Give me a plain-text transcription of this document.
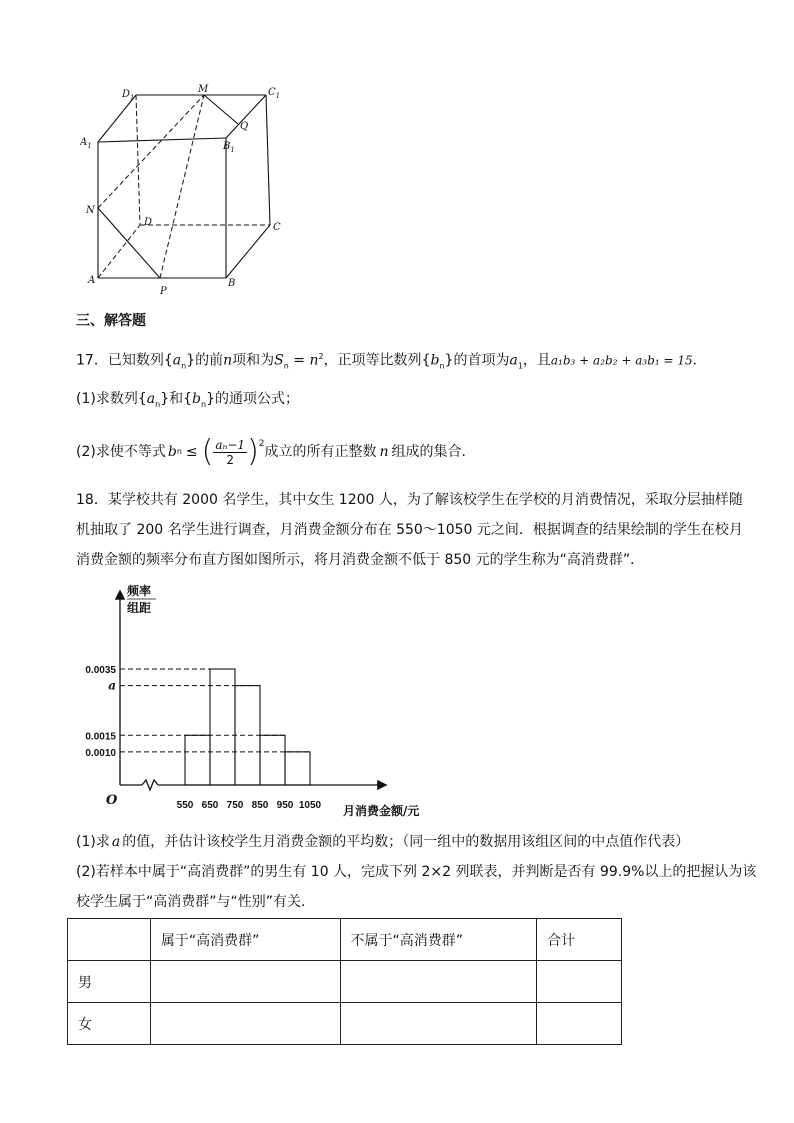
$D_1$
M	$C_1$
$A_1$	$B_1$
Q
N
D	C
A	B
P
三、解答题
17．已知数列$\{a_n\}$的前n项和为$S_n = n^2$，正项等比数列$\{b_n\}$的首项为$a_1$，且a₁b₃ + a₂b₂ + a₃b₁ = 15．
(1)求数列$\{a_n\}$和$\{b_n\}$的通项公式；
(2)求使不等式 b n ≤ ( aₙ−1
2 )$^2$ 成立的所有正整数 n 组成的集合．
18．某学校共有 2000 名学生，其中女生 1200 人，为了解该校学生在学校的月消费情况，采取分层抽样随
机抽取了 200 名学生进行调查，月消费金额分布在 550～1050 元之间．根据调查的结果绘制的学生在校月
消费金额的频率分布直方图如图所示，将月消费金额不低于 850 元的学生称为“高消费群”．
频率
组距
月消费金额/元
O
0.0035
a
0.0015
0.0010
550 650 750 850 950 1050
(1)求 a 的值，并估计该校学生月消费金额的平均数；（同一组中的数据用该组区间的中点值作代表）
(2)若样本中属于“高消费群”的男生有 10 人，完成下列 2×2 列联表，并判断是否有 99.9%以上的把握认为该
校学生属于“高消费群”与“性别”有关．
	属于“高消费群”	不属于“高消费群”	合计
男			
女			
